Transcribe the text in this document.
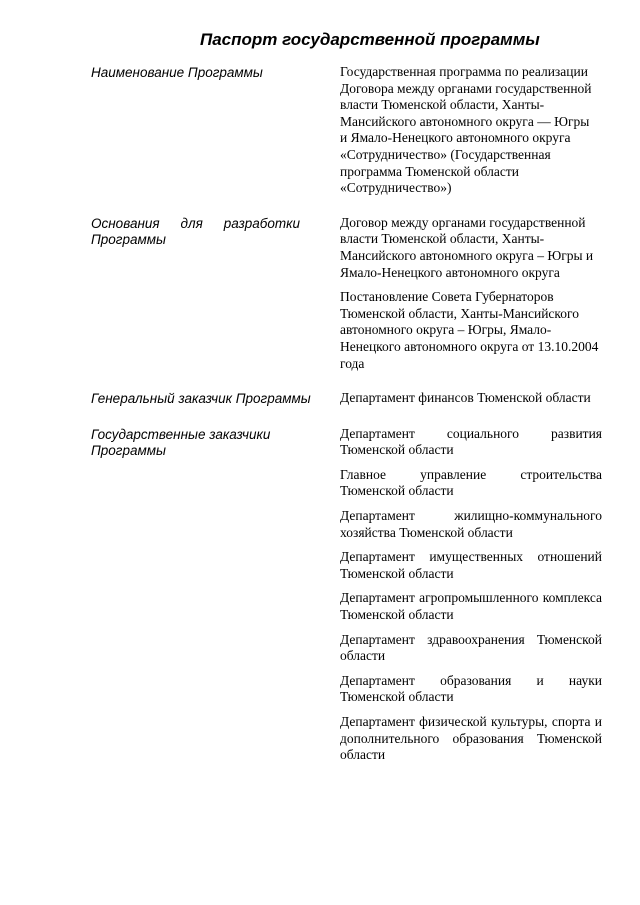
Паспорт государственной программы
Наименование Программы	Государственная программа по реализации Договора между органами государственной власти Тюменской области, Ханты-Мансийского автономного округа — Югры и Ямало-Ненецкого автономного округа «Сотрудничество» (Государственная программа Тюменской области «Сотрудничество»)

Основания для разработки Программы

Договор между органами государственной власти Тюменской области, Ханты-Мансийского автономного округа – Югры и Ямало-Ненецкого автономного округа

Постановление Совета Губернаторов Тюменской области, Ханты-Мансийского автономного округа – Югры, Ямало-Ненецкого автономного округа от 13.10.2004 года

Генеральный заказчик Программы	Департамент финансов Тюменской области

Государственные заказчики Программы

Департамент социального развития Тюменской области

Главное управление строительства Тюменской области

Департамент жилищно-коммунального хозяйства Тюменской области

Департамент имущественных отношений Тюменской области

Департамент агропромышленного комплекса Тюменской области

Департамент здравоохранения Тюменской области

Департамент образования и науки Тюменской области

Департамент физической культуры, спорта и дополнительного образования Тюменской области
